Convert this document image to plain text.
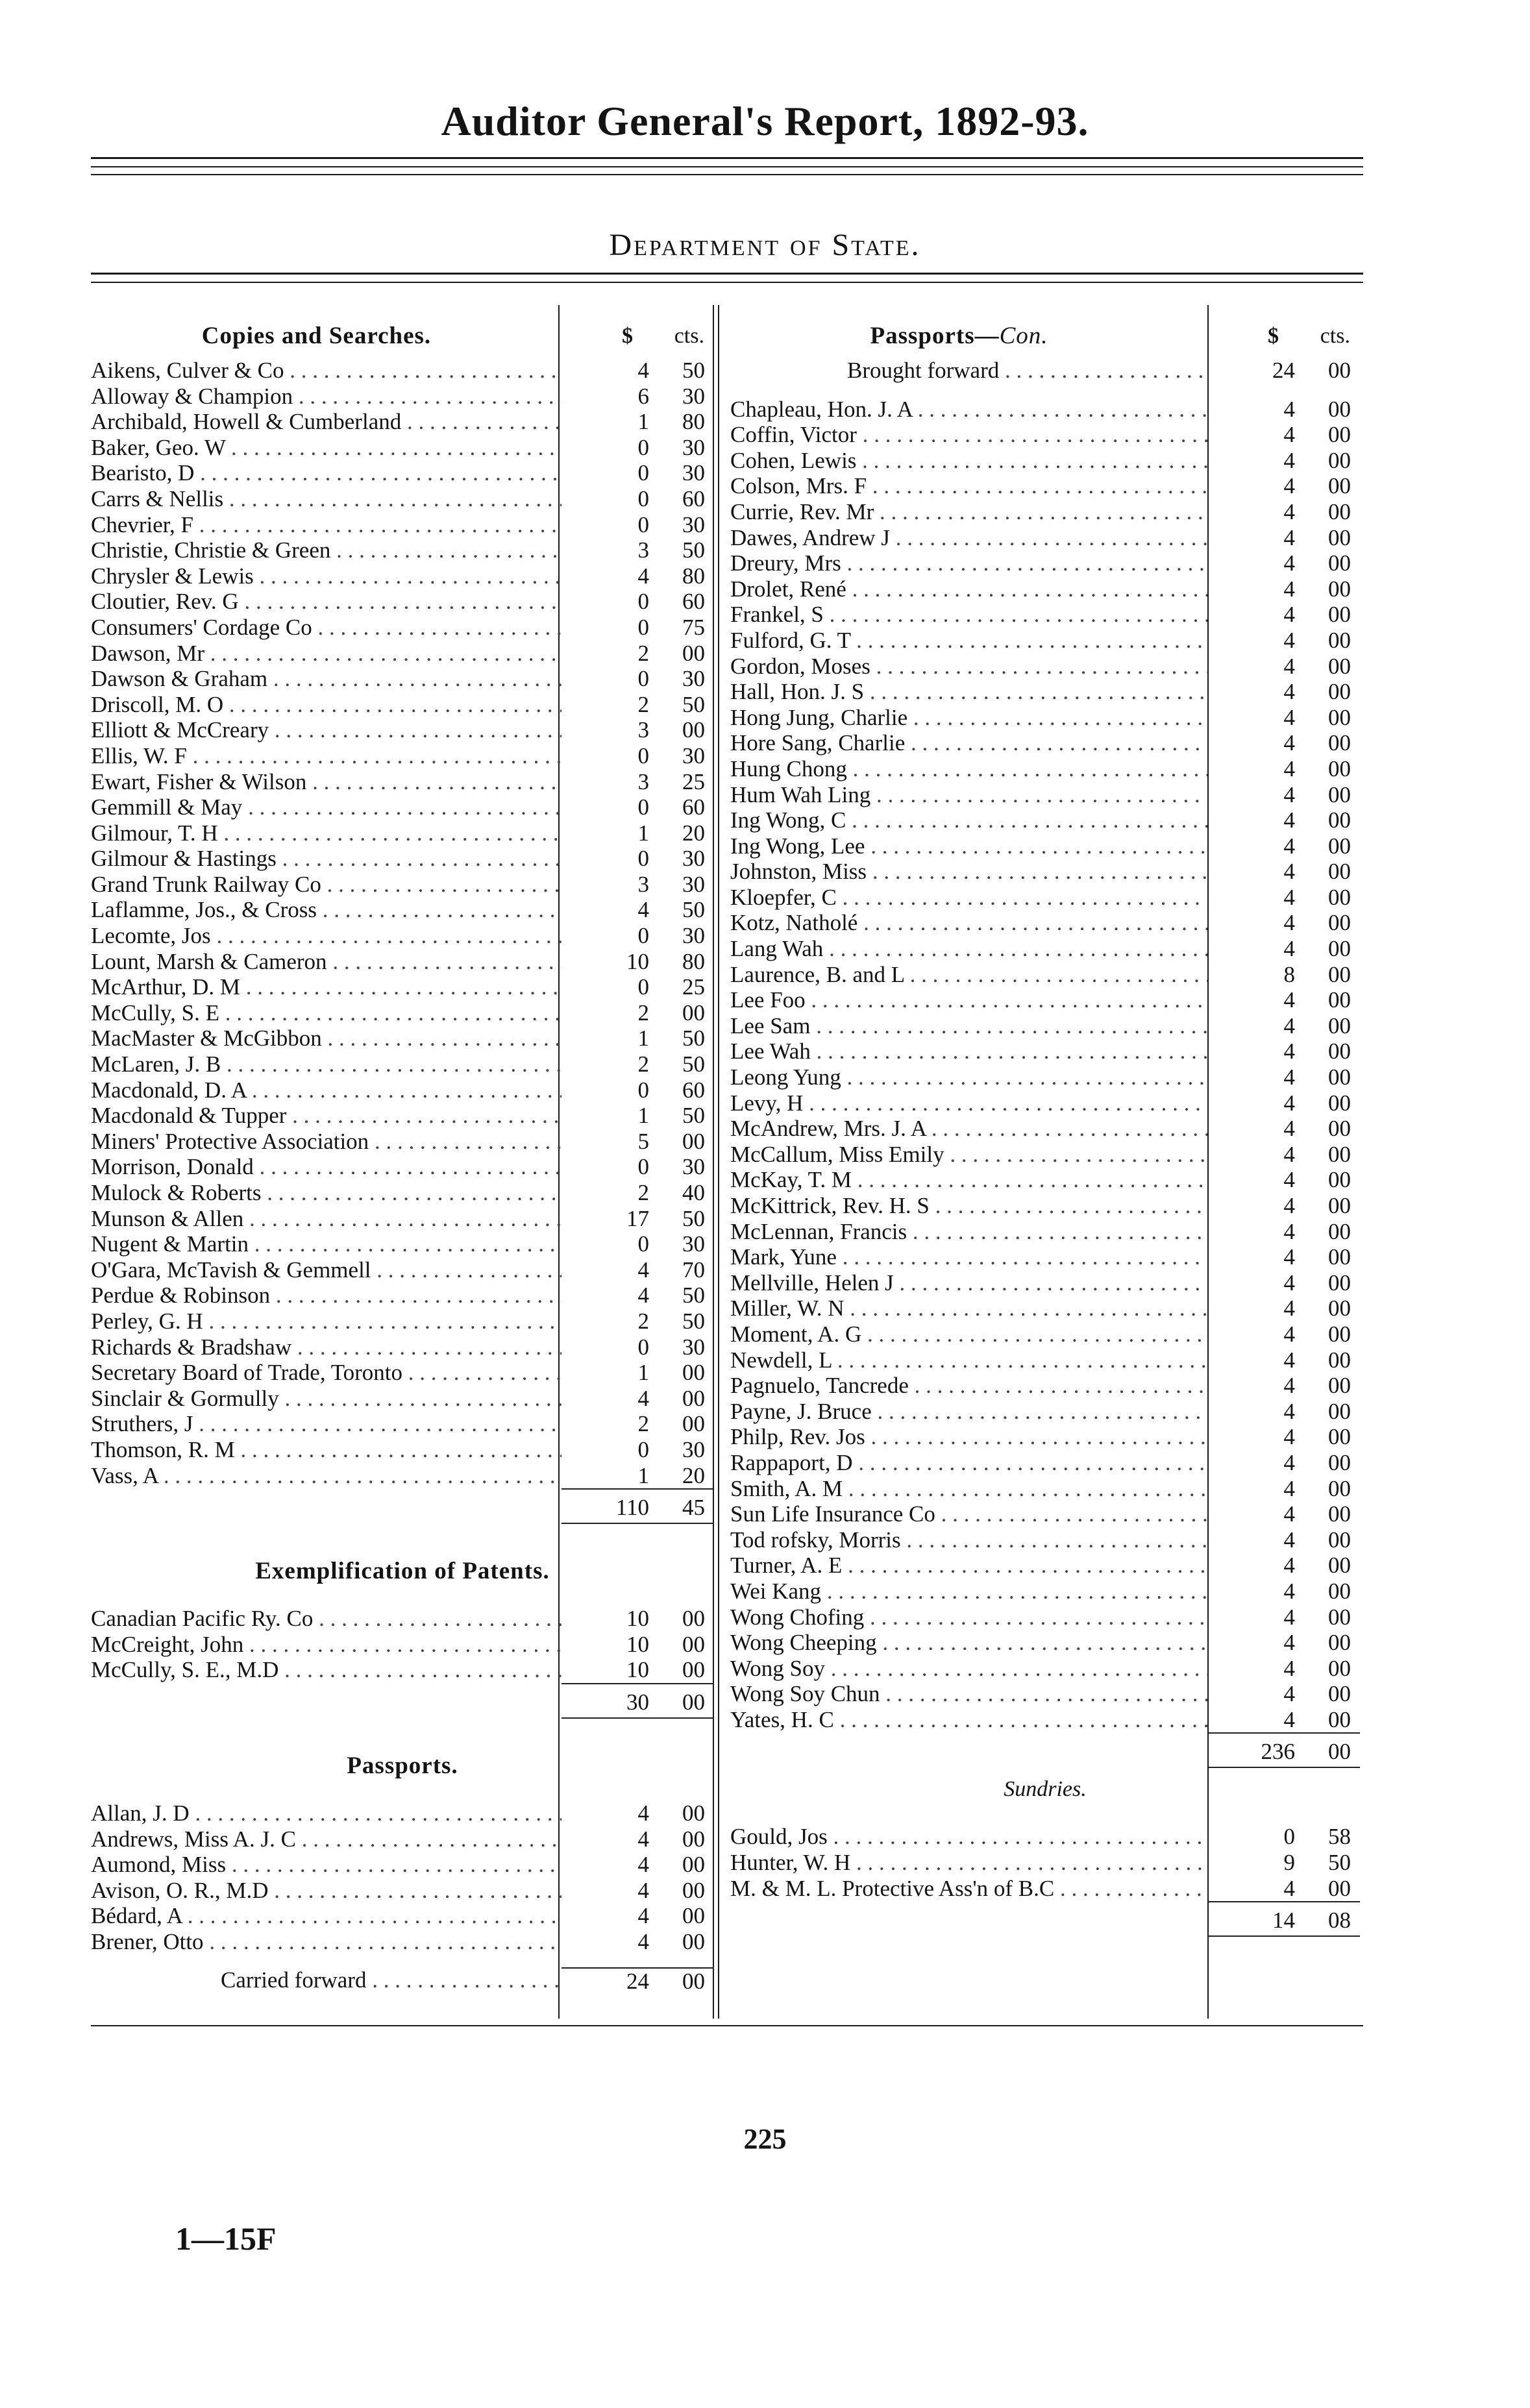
Auditor General's Report, 1892-93.
Department of State.
Copies and Searches.	$	cts.
Aikens, Culver & Co . . .	4	50
Alloway & Champion . . .	6	30
Archibald, Howell & Cumberland . . .	1	80
Baker, Geo. W . . .	0	30
Bearisto, D . . .	0	30
Carrs & Nellis . . .	0	60
Chevrier, F . . .	0	30
Christie, Christie & Green . . .	3	50
Chrysler & Lewis . . .	4	80
Cloutier, Rev. G . . .	0	60
Consumers' Cordage Co . . .	0	75
Dawson, Mr . . .	2	00
Dawson & Graham . . .	0	30
Driscoll, M. O . . .	2	50
Elliott & McCreary . . .	3	00
Ellis, W. F . . .	0	30
Ewart, Fisher & Wilson . . .	3	25
Gemmill & May . . .	0	60
Gilmour, T. H . . .	1	20
Gilmour & Hastings . . .	0	30
Grand Trunk Railway Co . . .	3	30
Laflamme, Jos., & Cross . . .	4	50
Lecomte, Jos . . .	0	30
Lount, Marsh & Cameron . . .	10	80
McArthur, D. M . . .	0	25
McCully, S. E . . .	2	00
MacMaster & McGibbon . . .	1	50
McLaren, J. B . . .	2	50
Macdonald, D. A . . .	0	60
Macdonald & Tupper . . .	1	50
Miners' Protective Association . . .	5	00
Morrison, Donald . . .	0	30
Mulock & Roberts . . .	2	40
Munson & Allen . . .	17	50
Nugent & Martin . . .	0	30
O'Gara, McTavish & Gemmell . . .	4	70
Perdue & Robinson . . .	4	50
Perley, G. H . . .	2	50
Richards & Bradshaw . . .	0	30
Secretary Board of Trade, Toronto . . .	1	00
Sinclair & Gormully . . .	4	00
Struthers, J . . .	2	00
Thomson, R. M . . .	0	30
Vass, A . . .	1	20
110	45
Exemplification of Patents.
Canadian Pacific Ry. Co . . .	10	00
McCreight, John . . .	10	00
McCully, S. E., M.D . . .	10	00
30	00
Passports.
Allan, J. D . . .	4	00
Andrews, Miss A. J. C . . .	4	00
Aumond, Miss . . .	4	00
Avison, O. R., M.D . . .	4	00
Bédard, A . . .	4	00
Brener, Otto . . .	4	00
Carried forward . . .	24	00
Passports—Con.	$	cts.
Brought forward . . .	24	00
Chapleau, Hon. J. A . . .	4	00
Coffin, Victor . . .	4	00
Cohen, Lewis . . .	4	00
Colson, Mrs. F . . .	4	00
Currie, Rev. Mr . . .	4	00
Dawes, Andrew J . . .	4	00
Dreury, Mrs . . .	4	00
Drolet, René . . .	4	00
Frankel, S . . .	4	00
Fulford, G. T . . .	4	00
Gordon, Moses . . .	4	00
Hall, Hon. J. S . . .	4	00
Hong Jung, Charlie . . .	4	00
Hore Sang, Charlie . . .	4	00
Hung Chong . . .	4	00
Hum Wah Ling . . .	4	00
Ing Wong, C . . .	4	00
Ing Wong, Lee . . .	4	00
Johnston, Miss . . .	4	00
Kloepfer, C . . .	4	00
Kotz, Natholé . . .	4	00
Lang Wah . . .	4	00
Laurence, B. and L . . .	8	00
Lee Foo . . .	4	00
Lee Sam . . .	4	00
Lee Wah . . .	4	00
Leong Yung . . .	4	00
Levy, H . . .	4	00
McAndrew, Mrs. J. A . . .	4	00
McCallum, Miss Emily . . .	4	00
McKay, T. M . . .	4	00
McKittrick, Rev. H. S . . .	4	00
McLennan, Francis . . .	4	00
Mark, Yune . . .	4	00
Mellville, Helen J . . .	4	00
Miller, W. N . . .	4	00
Moment, A. G . . .	4	00
Newdell, L . . .	4	00
Pagnuelo, Tancrede . . .	4	00
Payne, J. Bruce . . .	4	00
Philp, Rev. Jos . . .	4	00
Rappaport, D . . .	4	00
Smith, A. M . . .	4	00
Sun Life Insurance Co . . .	4	00
Tod rofsky, Morris . . .	4	00
Turner, A. E . . .	4	00
Wei Kang . . .	4	00
Wong Chofing . . .	4	00
Wong Cheeping . . .	4	00
Wong Soy . . .	4	00
Wong Soy Chun . . .	4	00
Yates, H. C . . .	4	00
236	00
Sundries.
Gould, Jos . . .	0	58
Hunter, W. H . . .	9	50
M. & M. L. Protective Ass'n of B.C . . .	4	00
14	08
225
1—15F
